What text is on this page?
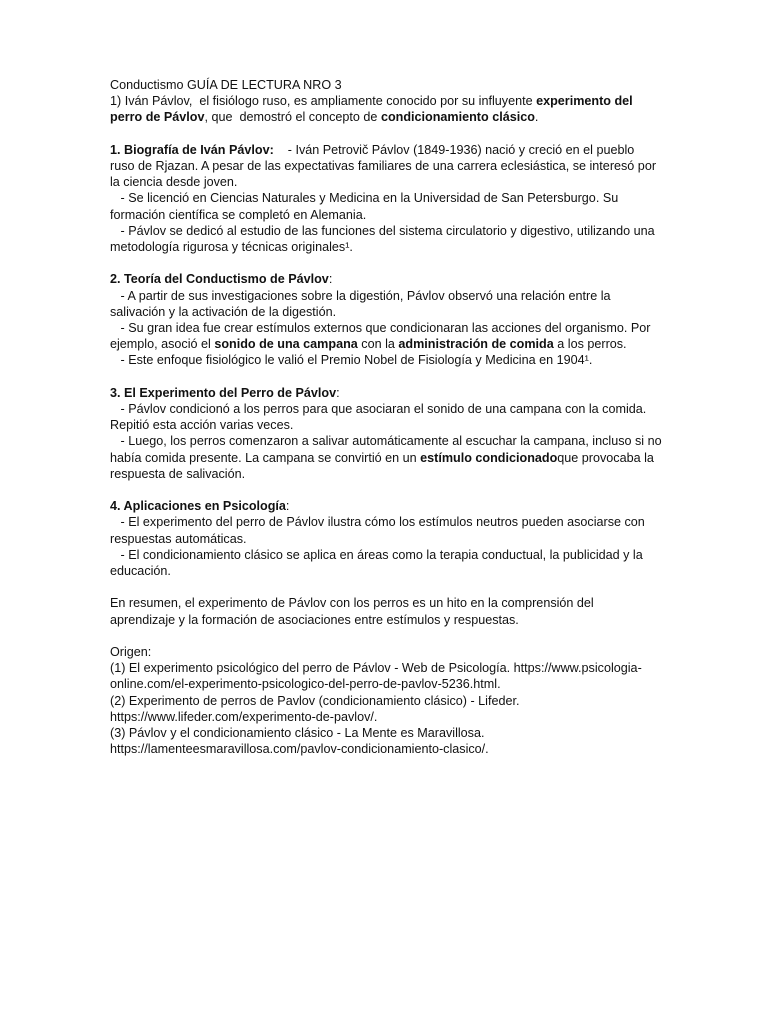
Conductismo GUÍA DE LECTURA NRO 3
1) Iván Pávlov,  el fisiólogo ruso, es ampliamente conocido por su influyente experimento del perro de Pávlov, que  demostró el concepto de condicionamiento clásico.
1. Biografía de Iván Pávlov:    - Iván Petrovič Pávlov (1849-1936) nació y creció en el pueblo ruso de Rjazan. A pesar de las expectativas familiares de una carrera eclesiástica, se interesó por la ciencia desde joven.
- Se licenció en Ciencias Naturales y Medicina en la Universidad de San Petersburgo. Su formación científica se completó en Alemania.
- Pávlov se dedicó al estudio de las funciones del sistema circulatorio y digestivo, utilizando una metodología rigurosa y técnicas originales¹.
2. Teoría del Conductismo de Pávlov:
- A partir de sus investigaciones sobre la digestión, Pávlov observó una relación entre la salivación y la activación de la digestión.
- Su gran idea fue crear estímulos externos que condicionaran las acciones del organismo. Por ejemplo, asoció el sonido de una campana con la administración de comida a los perros.
- Este enfoque fisiológico le valió el Premio Nobel de Fisiología y Medicina en 1904¹.
3. El Experimento del Perro de Pávlov:
- Pávlov condicionó a los perros para que asociaran el sonido de una campana con la comida. Repitió esta acción varias veces.
- Luego, los perros comenzaron a salivar automáticamente al escuchar la campana, incluso si no había comida presente. La campana se convirtió en un estímulo condicionadoque provocaba la respuesta de salivación.
4. Aplicaciones en Psicología:
- El experimento del perro de Pávlov ilustra cómo los estímulos neutros pueden asociarse con respuestas automáticas.
- El condicionamiento clásico se aplica en áreas como la terapia conductual, la publicidad y la educación.
En resumen, el experimento de Pávlov con los perros es un hito en la comprensión del aprendizaje y la formación de asociaciones entre estímulos y respuestas.
Origen:
(1) El experimento psicológico del perro de Pávlov - Web de Psicología. https://www.psicologia-online.com/el-experimento-psicologico-del-perro-de-pavlov-5236.html.
(2) Experimento de perros de Pavlov (condicionamiento clásico) - Lifeder. https://www.lifeder.com/experimento-de-pavlov/.
(3) Pávlov y el condicionamiento clásico - La Mente es Maravillosa. https://lamenteesmaravillosa.com/pavlov-condicionamiento-clasico/.
